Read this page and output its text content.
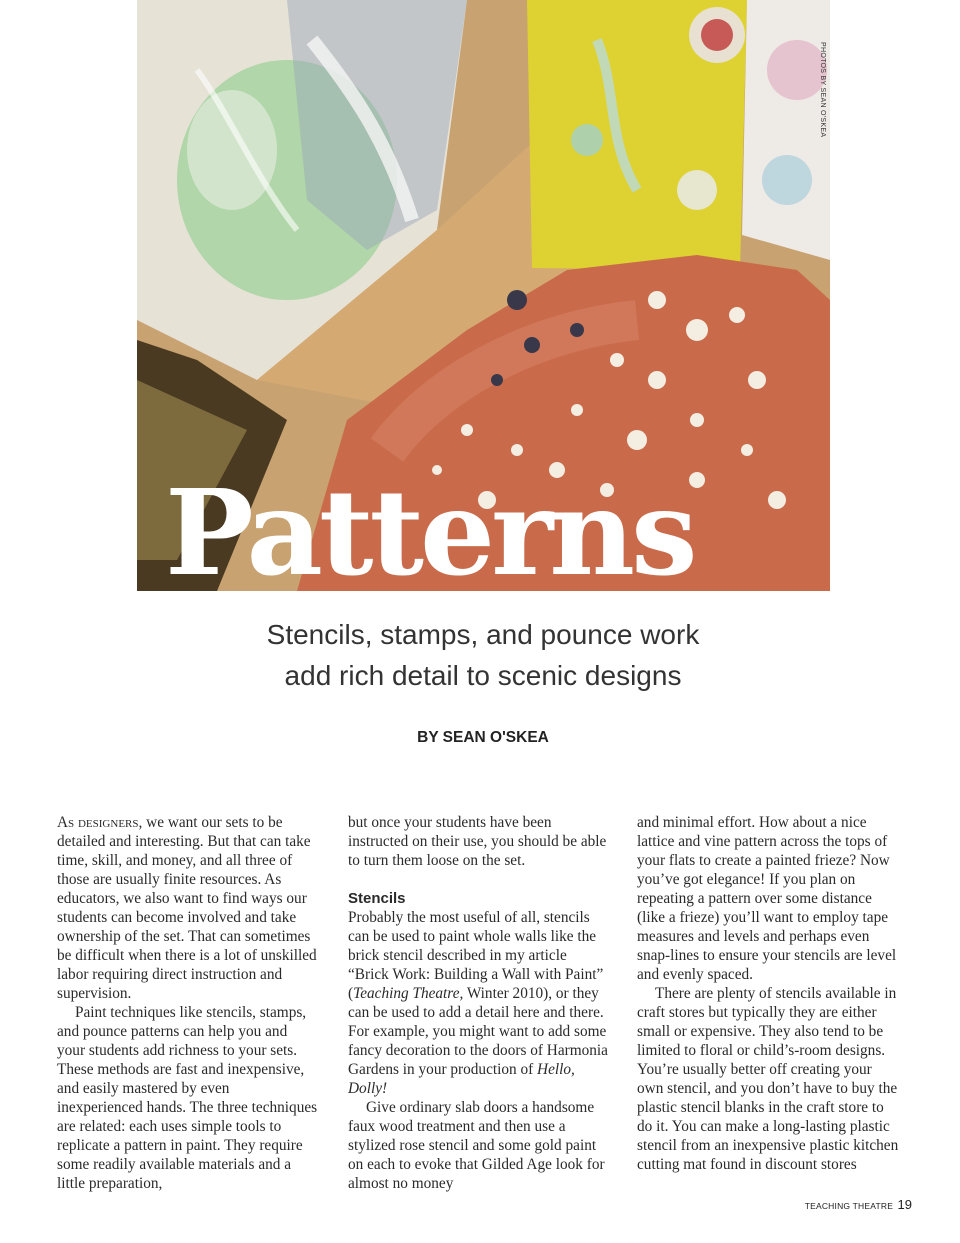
PHOTOS BY SEAN O'SKEA
Patterns
Stencils, stamps, and pounce work
add rich detail to scenic designs
BY SEAN O'SKEA

As designers, we want our sets to be detailed and interesting. But that can take time, skill, and money, and all three of those are usually finite resources. As educators, we also want to find ways our students can become involved and take ownership of the set. That can sometimes be difficult when there is a lot of unskilled labor requiring direct instruction and supervision.

Paint techniques like stencils, stamps, and pounce patterns can help you and your students add richness to your sets. These methods are fast and inexpensive, and easily mastered by even inexperienced hands. The three techniques are related: each uses simple tools to replicate a pattern in paint. They require some readily available materials and a little preparation,

but once your students have been instructed on their use, you should be able to turn them loose on the set.

Stencils

Probably the most useful of all, stencils can be used to paint whole walls like the brick stencil described in my article “Brick Work: Building a Wall with Paint” (Teaching Theatre, Winter 2010), or they can be used to add a detail here and there. For example, you might want to add some fancy decoration to the doors of Harmonia Gardens in your production of Hello, Dolly!

Give ordinary slab doors a handsome faux wood treatment and then use a stylized rose stencil and some gold paint on each to evoke that Gilded Age look for almost no money

and minimal effort. How about a nice lattice and vine pattern across the tops of your flats to create a painted frieze? Now you’ve got elegance! If you plan on repeating a pattern over some distance (like a frieze) you’ll want to employ tape measures and levels and perhaps even snap-lines to ensure your stencils are level and evenly spaced.

There are plenty of stencils available in craft stores but typically they are either small or expensive. They also tend to be limited to floral or child’s-room designs. You’re usually better off creating your own stencil, and you don’t have to buy the plastic stencil blanks in the craft store to do it. You can make a long-lasting plastic stencil from an inexpensive plastic kitchen cutting mat found in discount stores

TEACHING THEATRE 19
